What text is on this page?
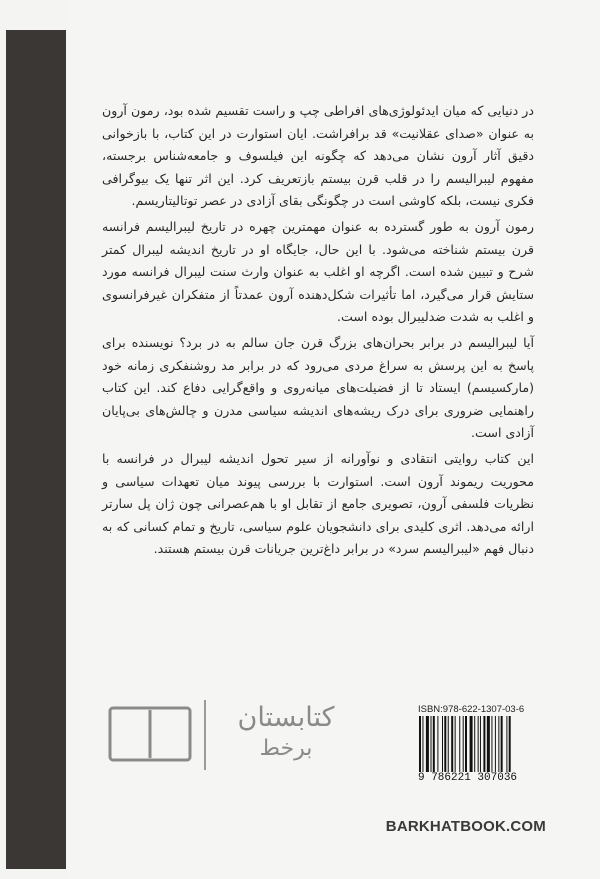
در دنیایی که میان ایدئولوژی‌های افراطی چپ و راست تقسیم شده بود، رمون آرون به عنوان «صدای عقلانیت» قد برافراشت. ایان استوارت در این کتاب، با بازخوانی دقیق آثار آرون نشان می‌دهد که چگونه این فیلسوف و جامعه‌شناس برجسته، مفهوم لیبرالیسم را در قلب قرن بیستم بازتعریف کرد. این اثر تنها یک بیوگرافی فکری نیست، بلکه کاوشی است در چگونگی بقای آزادی در عصر توتالیتاریسم.

رمون آرون به طور گسترده به عنوان مهمترین چهره در تاریخ لیبرالیسم فرانسه قرن بیستم شناخته می‌شود. با این حال، جایگاه او در تاریخ اندیشه لیبرال کمتر شرح و تبیین شده است. اگرچه او اغلب به عنوان وارث سنت لیبرال فرانسه مورد ستایش قرار می‌گیرد، اما تأثیرات شکل‌دهنده آرون عمدتاً از متفکران غیرفرانسوی و اغلب به شدت ضدلیبرال بوده است.

آیا لیبرالیسم در برابر بحران‌های بزرگ قرن جان سالم به در برد؟ نویسنده برای پاسخ به این پرسش به سراغ مردی می‌رود که در برابر مد روشنفکری زمانه خود (مارکسیسم) ایستاد تا از فضیلت‌های میانه‌روی و واقع‌گرایی دفاع کند. این کتاب راهنمایی ضروری برای درک ریشه‌های اندیشه سیاسی مدرن و چالش‌های بی‌پایان آزادی است.

این کتاب روایتی انتقادی و نوآورانه از سیر تحول اندیشه لیبرال در فرانسه با محوریت ریموند آرون است. استوارت با بررسی پیوند میان تعهدات سیاسی و نظریات فلسفی آرون، تصویری جامع از تقابل او با هم‌عصرانی چون ژان پل سارتر ارائه می‌دهد. اثری کلیدی برای دانشجویان علوم سیاسی، تاریخ و تمام کسانی که به دنبال فهم «لیبرالیسم سرد» در برابر داغ‌ترین جریانات قرن بیستم هستند.

کتابستان
برخط
ISBN:978-622-1307-03-6
9 786221 307036
BARKHATBOOK.COM
